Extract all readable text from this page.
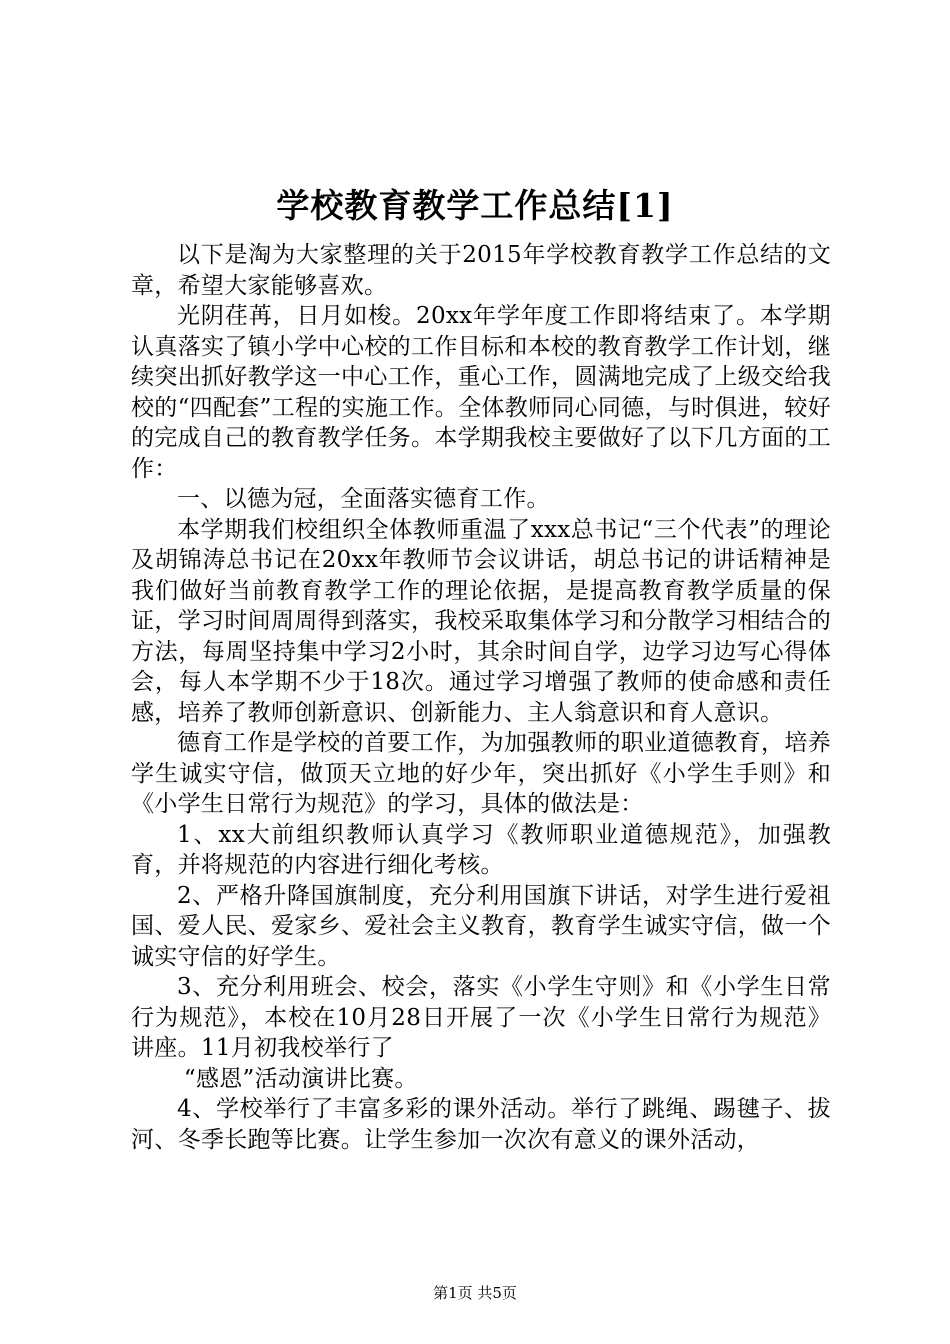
学校教育教学工作总结[1]

以下是淘为大家整理的关于2015年学校教育教学工作总结的文章，希望大家能够喜欢。

光阴荏苒，日月如梭。20xx年学年度工作即将结束了。本学期认真落实了镇小学中心校的工作目标和本校的教育教学工作计划，继续突出抓好教学这一中心工作，重心工作，圆满地完成了上级交给我校的“四配套”工程的实施工作。全体教师同心同德，与时俱进，较好的完成自己的教育教学任务。本学期我校主要做好了以下几方面的工作：

一、以德为冠，全面落实德育工作。

本学期我们校组织全体教师重温了xxx总书记“三个代表”的理论及胡锦涛总书记在20xx年教师节会议讲话，胡总书记的讲话精神是我们做好当前教育教学工作的理论依据，是提高教育教学质量的保证，学习时间周周得到落实，我校采取集体学习和分散学习相结合的方法，每周坚持集中学习2小时，其余时间自学，边学习边写心得体会，每人本学期不少于18次。通过学习增强了教师的使命感和责任感，培养了教师创新意识、创新能力、主人翁意识和育人意识。

德育工作是学校的首要工作，为加强教师的职业道德教育，培养学生诚实守信，做顶天立地的好少年，突出抓好《小学生手则》和《小学生日常行为规范》的学习，具体的做法是：

1、xx大前组织教师认真学习《教师职业道德规范》，加强教育，并将规范的内容进行细化考核。

2、严格升降国旗制度，充分利用国旗下讲话，对学生进行爱祖国、爱人民、爱家乡、爱社会主义教育，教育学生诚实守信，做一个诚实守信的好学生。

3、充分利用班会、校会，落实《小学生守则》和《小学生日常行为规范》，本校在10月28日开展了一次《小学生日常行为规范》讲座。11月初我校举行了

“感恩”活动演讲比赛。

4、学校举行了丰富多彩的课外活动。举行了跳绳、踢毽子、拔河、冬季长跑等比赛。让学生参加一次次有意义的课外活动，

第1页 共5页
